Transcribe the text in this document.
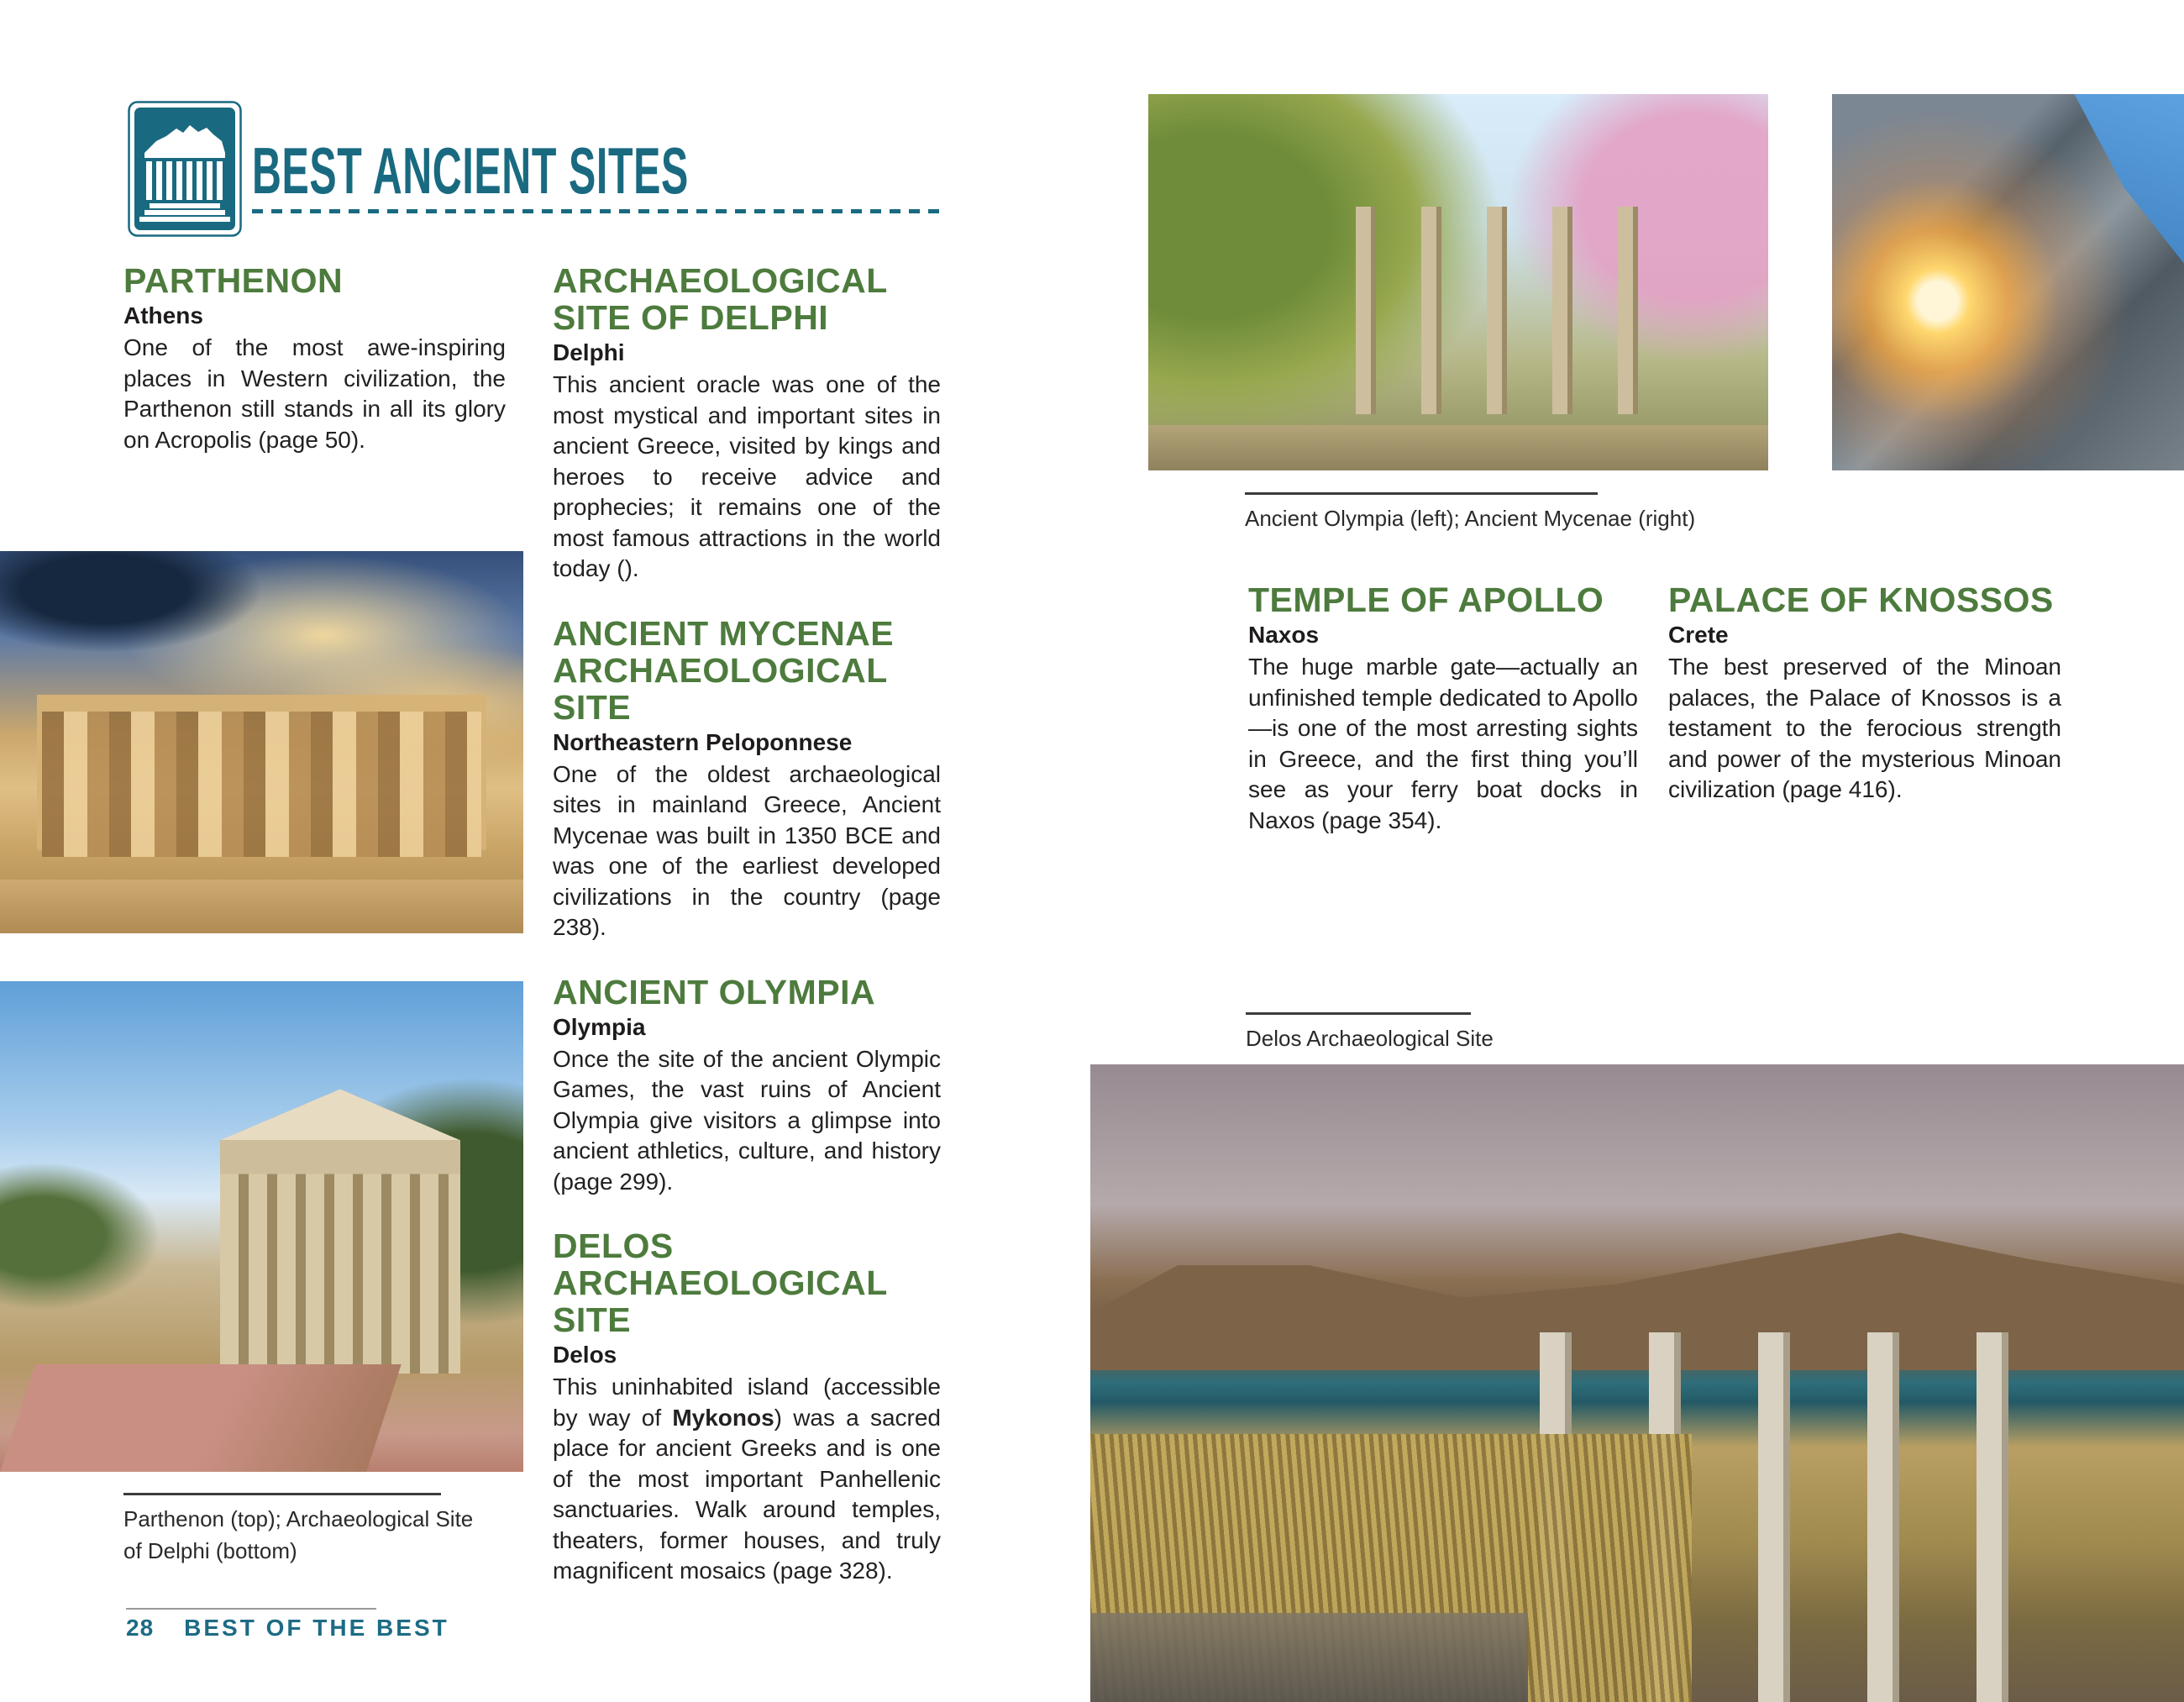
BEST ANCIENT SITES
PARTHENON
Athens

One of the most awe-inspiring places in Western civilization, the Parthenon still stands in all its glory on Acropolis (page 50).

ARCHAEOLOGICAL SITE OF DELPHI
Delphi

This ancient oracle was one of the most mystical and important sites in ancient Greece, visited by kings and heroes to receive advice and prophecies; it remains one of the most famous attractions in the world today ().

ANCIENT MYCENAE ARCHAEOLOGICAL SITE
Northeastern Peloponnese

One of the oldest archaeological sites in mainland Greece, Ancient Mycenae was built in 1350 BCE and was one of the earliest developed civilizations in the country (page 238).

ANCIENT OLYMPIA
Olympia

Once the site of the ancient Olympic Games, the vast ruins of Ancient Olympia give visitors a glimpse into ancient athletics, culture, and history (page 299).

DELOS ARCHAEOLOGICAL SITE
Delos

This uninhabited island (accessible by way of Mykonos) was a sacred place for ancient Greeks and is one of the most important Panhellenic sanctuaries. Walk around temples, theaters, former houses, and truly magnificent mosaics (page 328).

Parthenon (top); Archaeological Site of Delphi (bottom)
28 BEST OF THE BEST
Ancient Olympia (left); Ancient Mycenae (right)
TEMPLE OF APOLLO
Naxos

The huge marble gate—actually an unfinished temple dedicated to Apollo—is one of the most arresting sights in Greece, and the first thing you’ll see as your ferry boat docks in Naxos (page 354).

PALACE OF KNOSSOS
Crete

The best preserved of the Minoan palaces, the Palace of Knossos is a testament to the ferocious strength and power of the mysterious Minoan civilization (page 416).

Delos Archaeological Site
